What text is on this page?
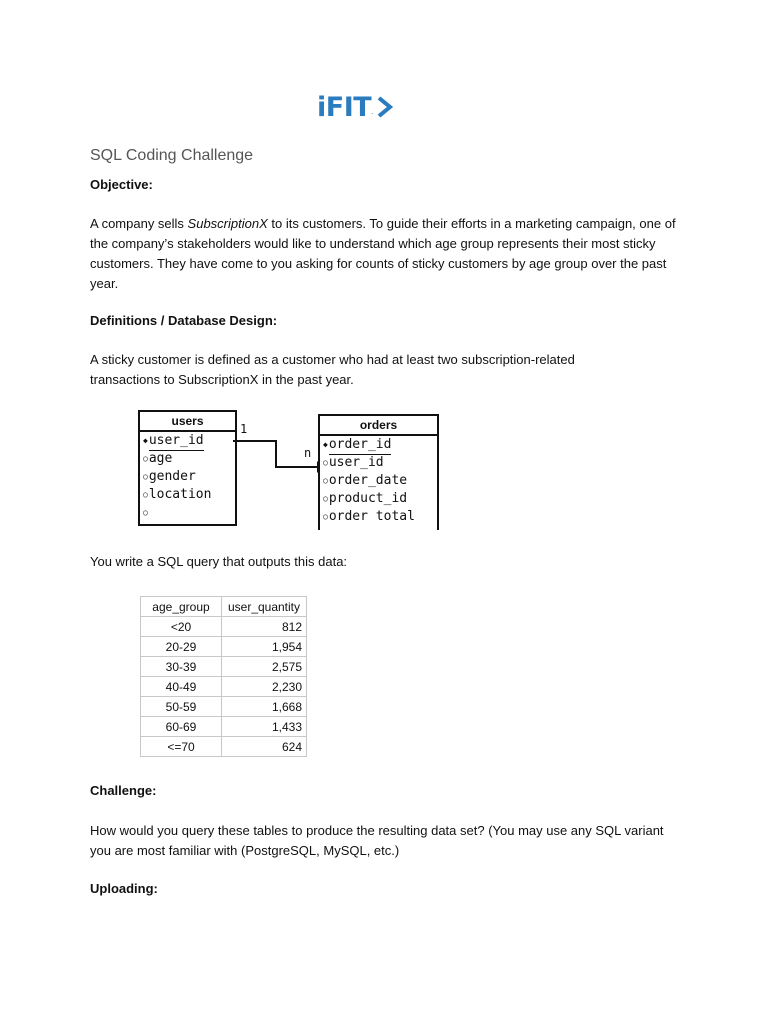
iFIT .
SQL Coding Challenge
Objective:

A company sells SubscriptionX to its customers. To guide their efforts in a marketing campaign, one of the company’s stakeholders would like to understand which age group represents their most sticky customers. They have come to you asking for counts of sticky customers by age group over the past year.

Definitions / Database Design:

A sticky customer is defined as a customer who had at least two subscription-related transactions to SubscriptionX in the past year.

users
◆user_id
○age
○gender
○location
○
1
n
orders
◆order_id
○user_id
○order_date
○product_id
○order total

You write a SQL query that outputs this data:

age_group	user_quantity
<20	812
20-29	1,954
30-39	2,575
40-49	2,230
50-59	1,668
60-69	1,433
<=70	624
Challenge:

How would you query these tables to produce the resulting data set? (You may use any SQL variant you are most familiar with (PostgreSQL, MySQL, etc.)

Uploading:
